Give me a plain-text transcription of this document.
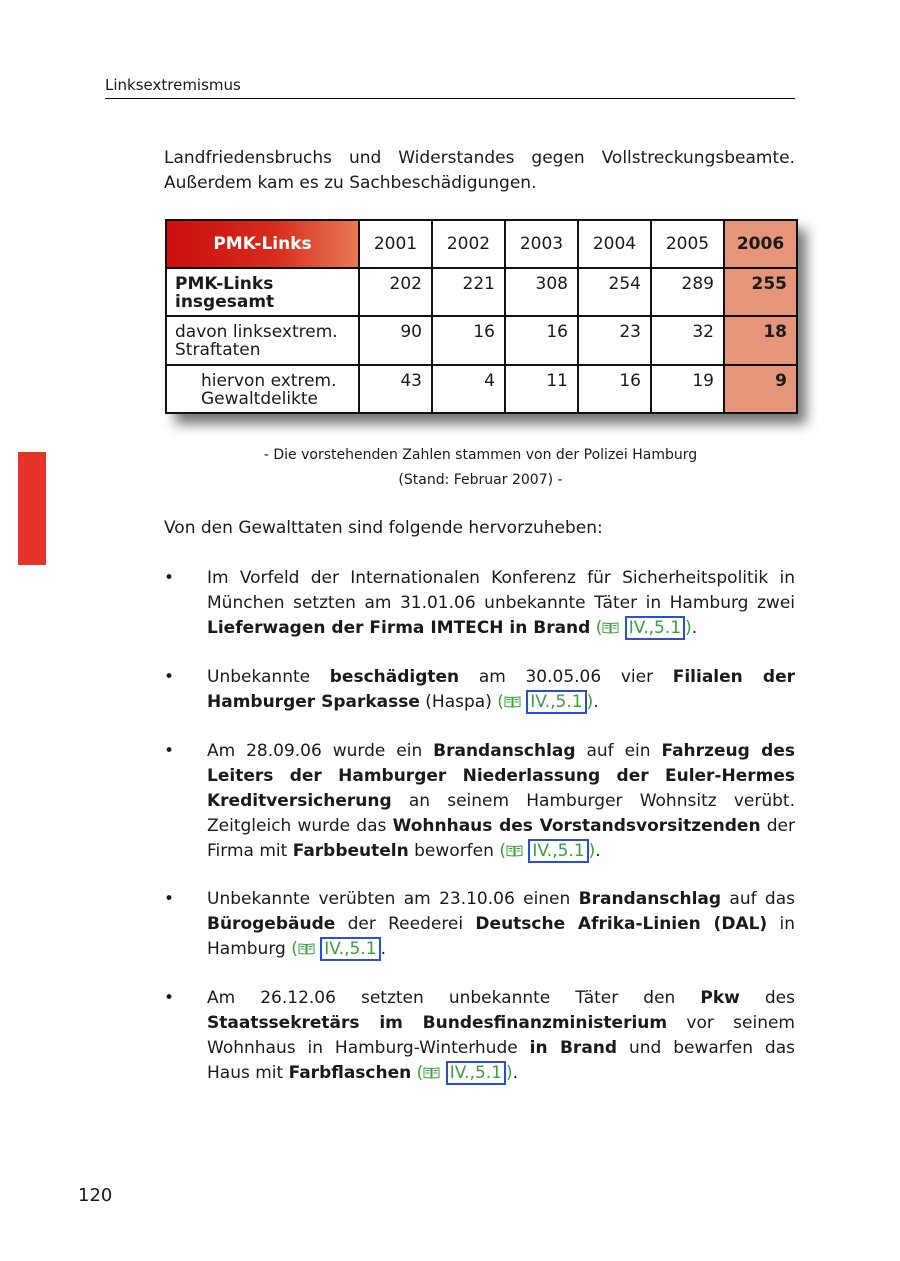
Linksextremismus

Landfriedensbruchs und Widerstandes gegen Vollstreckungsbeamte. Außerdem kam es zu Sachbeschädigungen.

PMK-Links	2001	2002	2003	2004	2005	2006
PMK-Links insgesamt	202	221	308	254	289	255
davon linksextrem. Straftaten	90	16	16	23	32	18
hiervon extrem. Gewaltdelikte	43	4	11	16	19	9
- Die vorstehenden Zahlen stammen von der Polizei Hamburg
(Stand: Februar 2007) -

Von den Gewalttaten sind folgende hervorzuheben:

• Im Vorfeld der Internationalen Konferenz für Sicherheitspolitik in München setzten am 31.01.06 unbekannte Täter in Hamburg zwei Lieferwagen der Firma IMTECH in Brand ( IV.,5.1 ).
• Unbekannte beschädigten am 30.05.06 vier Filialen der Hamburger Sparkasse (Haspa) ( IV.,5.1 ).
• Am 28.09.06 wurde ein Brandanschlag auf ein Fahrzeug des Leiters der Hamburger Niederlassung der Euler-Hermes Kreditversicherung an seinem Hamburger Wohnsitz verübt. Zeitgleich wurde das Wohnhaus des Vorstandsvorsitzenden der Firma mit Farbbeuteln beworfen ( IV.,5.1 ).
• Unbekannte verübten am 23.10.06 einen Brandanschlag auf das Bürogebäude der Reederei Deutsche Afrika-Linien (DAL) in Hamburg ( IV.,5.1 .
• Am 26.12.06 setzten unbekannte Täter den Pkw des Staatssekretärs im Bundesfinanzministerium vor seinem Wohnhaus in Hamburg-Winterhude in Brand und bewarfen das Haus mit Farbflaschen ( IV.,5.1 ).
120
